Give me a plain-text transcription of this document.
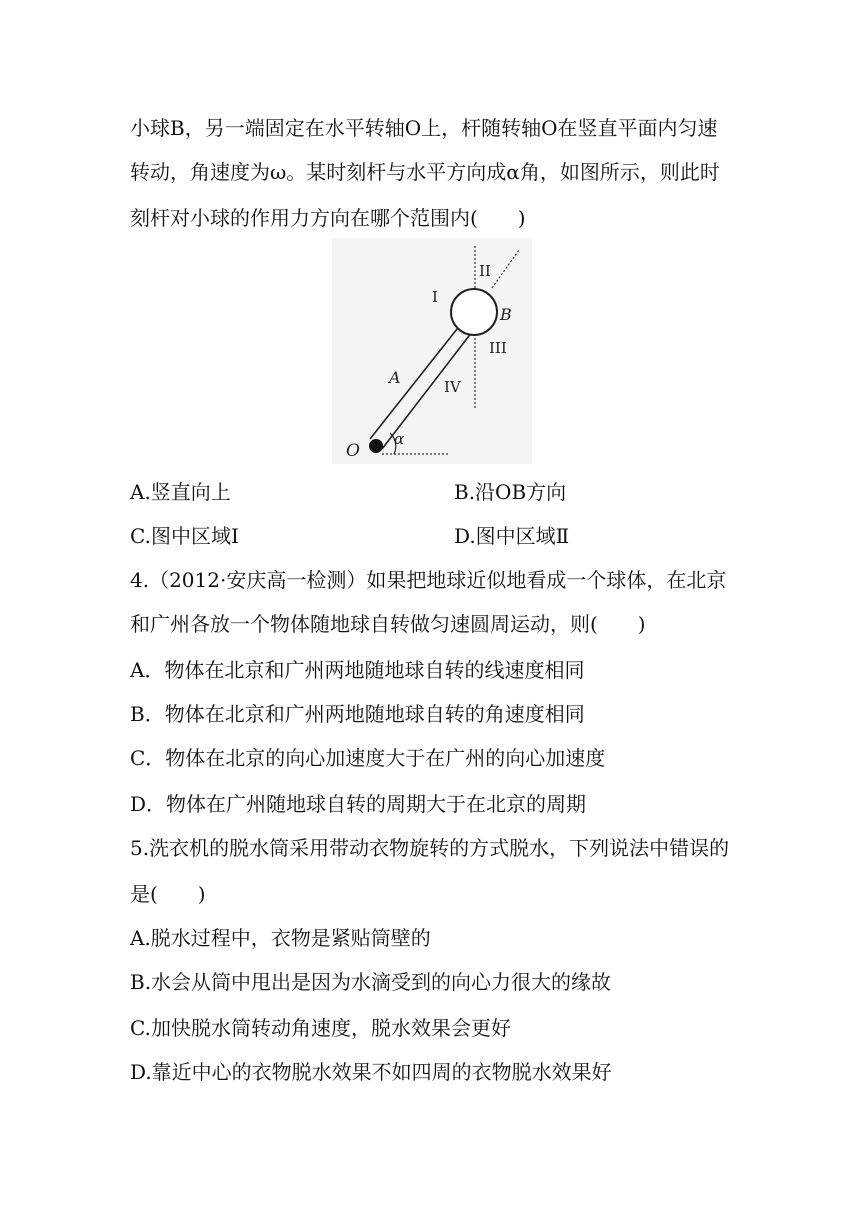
小球B，另一端固定在水平转轴O上，杆随转轴O在竖直平面内匀速
转动，角速度为ω。某时刻杆与水平方向成α角，如图所示，则此时
刻杆对小球的作用力方向在哪个范围内(　　)
I
II
III
IV
A
B
O
α
A.竖直向上	B.沿OB方向
C.图中区域Ⅰ	D.图中区域Ⅱ
4.（2012·安庆高一检测）如果把地球近似地看成一个球体，在北京
和广州各放一个物体随地球自转做匀速圆周运动，则(　　)
A．物体在北京和广州两地随地球自转的线速度相同
B．物体在北京和广州两地随地球自转的角速度相同
C．物体在北京的向心加速度大于在广州的向心加速度
D．物体在广州随地球自转的周期大于在北京的周期
5.洗衣机的脱水筒采用带动衣物旋转的方式脱水，下列说法中错误的
是(　　)
A.脱水过程中，衣物是紧贴筒壁的
B.水会从筒中甩出是因为水滴受到的向心力很大的缘故
C.加快脱水筒转动角速度，脱水效果会更好
D.靠近中心的衣物脱水效果不如四周的衣物脱水效果好
